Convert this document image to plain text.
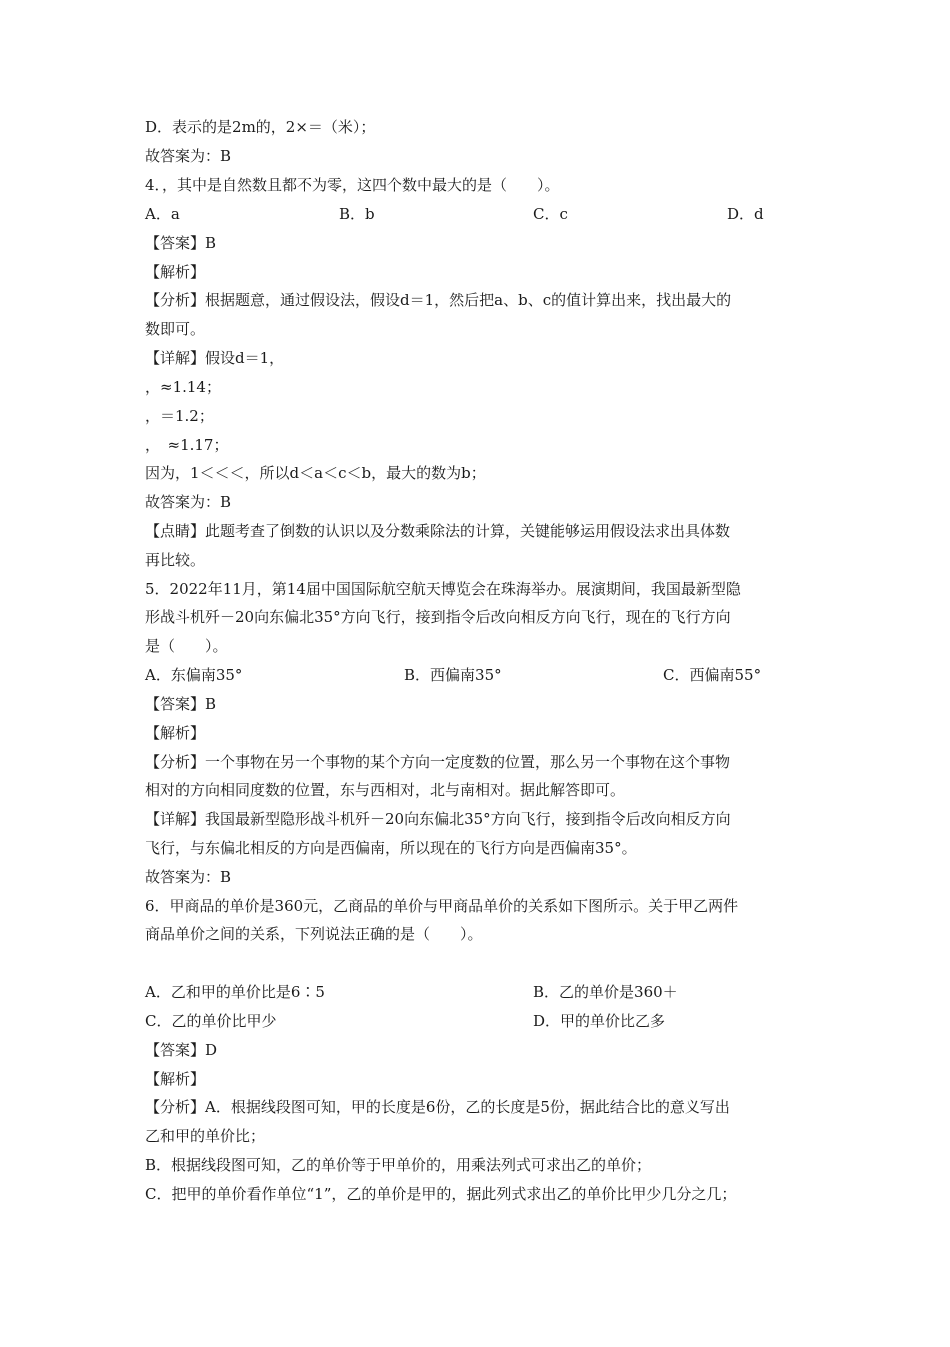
D．表示的是2m的，2×＝（米）；
故答案为：B
4．，其中是自然数且都不为零，这四个数中最大的是（　　）。
A．a	B．b	C．c	D．d
【答案】B
【解析】
【分析】根据题意，通过假设法，假设d＝1，然后把a、b、c的值计算出来，找出最大的
数即可。
【详解】假设d＝1，
，≈1.14；
，＝1.2；
，　≈1.17；
因为，1＜＜＜，所以d＜a＜c＜b，最大的数为b；
故答案为：B
【点睛】此题考查了倒数的认识以及分数乘除法的计算，关键能够运用假设法求出具体数
再比较。
5．2022年11月，第14届中国国际航空航天博览会在珠海举办。展演期间，我国最新型隐
形战斗机歼－20向东偏北35°方向飞行，接到指令后改向相反方向飞行，现在的飞行方向
是（　　）。
A．东偏南35°	B．西偏南35°	C．西偏南55°
【答案】B
【解析】
【分析】一个事物在另一个事物的某个方向一定度数的位置，那么另一个事物在这个事物
相对的方向相同度数的位置，东与西相对，北与南相对。据此解答即可。
【详解】我国最新型隐形战斗机歼－20向东偏北35°方向飞行，接到指令后改向相反方向
飞行，与东偏北相反的方向是西偏南，所以现在的飞行方向是西偏南35°。
故答案为：B
6．甲商品的单价是360元，乙商品的单价与甲商品单价的关系如下图所示。关于甲乙两件
商品单价之间的关系，下列说法正确的是（　　）。
A．乙和甲的单价比是6∶5	B．乙的单价是360＋
C．乙的单价比甲少	D．甲的单价比乙多
【答案】D
【解析】
【分析】A．根据线段图可知，甲的长度是6份，乙的长度是5份，据此结合比的意义写出
乙和甲的单价比；
B．根据线段图可知，乙的单价等于甲单价的，用乘法列式可求出乙的单价；
C．把甲的单价看作单位“1”，乙的单价是甲的，据此列式求出乙的单价比甲少几分之几；
